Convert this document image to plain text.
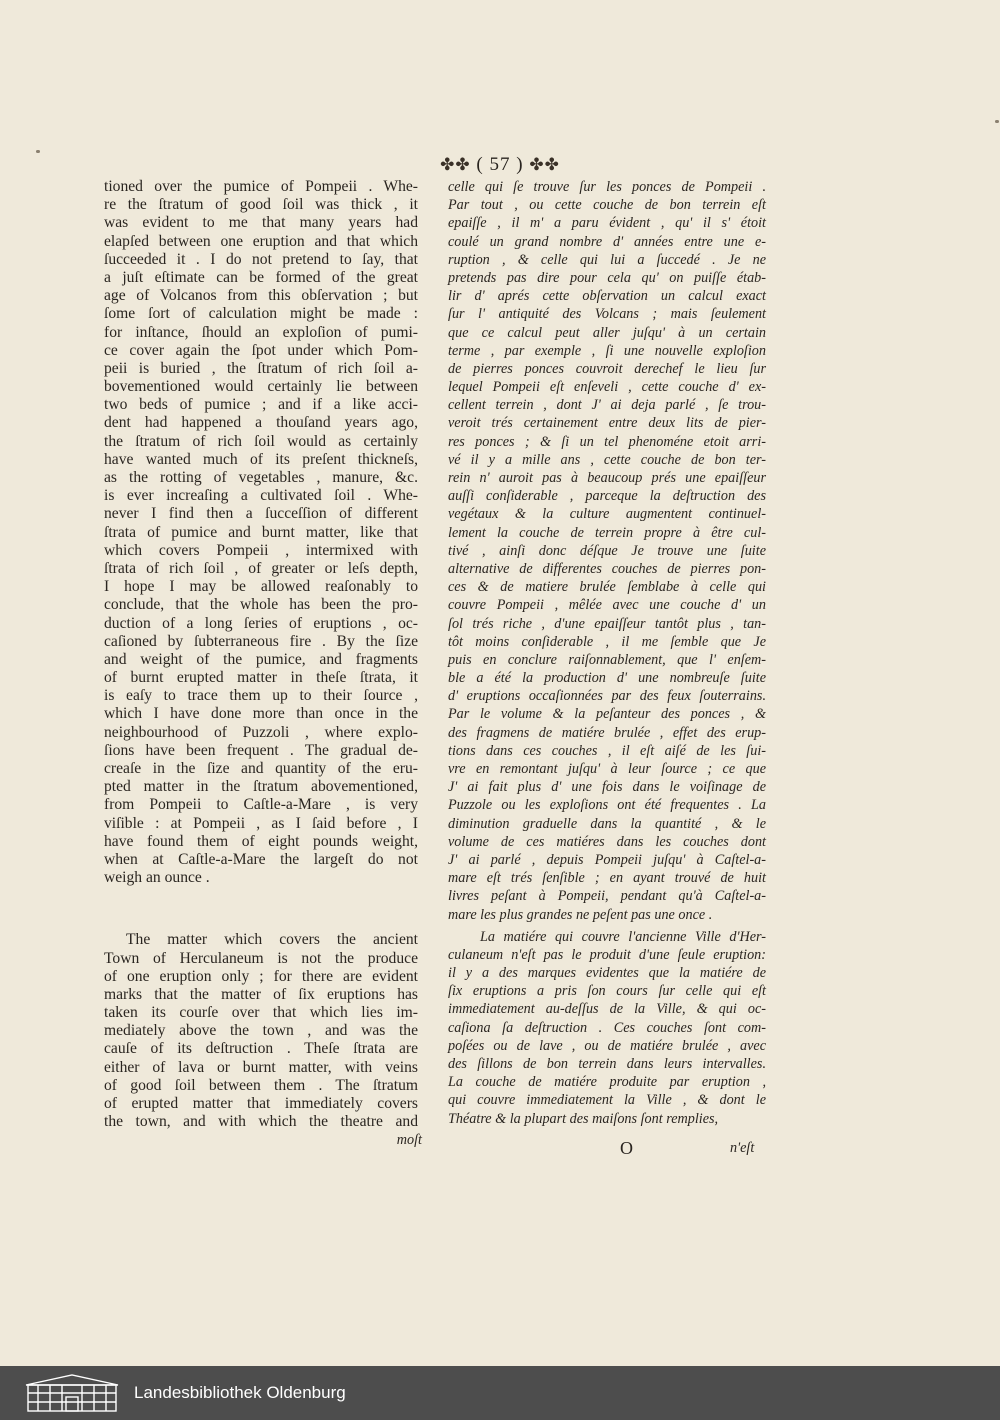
✤✤ ( 57 ) ✤✤
tioned over the pumice of Pompeii . Whe-
re the ſtratum of good ſoil was thick , it
was evident to me that many years had
elapſed between one eruption and that which
ſucceeded it . I do not pretend to ſay, that
a juſt eſtimate can be formed of the great
age of Volcanos from this obſervation ; but
ſome ſort of calculation might be made :
for inſtance, ſhould an exploſion of pumi-
ce cover again the ſpot under which Pom-
peii is buried , the ſtratum of rich ſoil a-
bovementioned would certainly lie between
two beds of pumice ; and if a like acci-
dent had happened a thouſand years ago,
the ſtratum of rich ſoil would as certainly
have wanted much of its preſent thickneſs,
as the rotting of vegetables , manure, &c.
is ever increaſing a cultivated ſoil . Whe-
never I find then a ſucceſſion of different
ſtrata of pumice and burnt matter, like that
which covers Pompeii , intermixed with
ſtrata of rich ſoil , of greater or leſs depth,
I hope I may be allowed reaſonably to
conclude, that the whole has been the pro-
duction of a long ſeries of eruptions , oc-
caſioned by ſubterraneous fire . By the ſize
and weight of the pumice, and fragments
of burnt erupted matter in theſe ſtrata, it
is eaſy to trace them up to their ſource ,
which I have done more than once in the
neighbourhood of Puzzoli , where explo-
ſions have been frequent . The gradual de-
creaſe in the ſize and quantity of the eru-
pted matter in the ſtratum abovementioned,
from Pompeii to Caſtle-a-Mare , is very
viſible : at Pompeii , as I ſaid before , I
have found them of eight pounds weight,
when at Caſtle-a-Mare the largeſt do not
weigh an ounce .
The matter which covers the ancient
Town of Herculaneum is not the produce
of one eruption only ; for there are evident
marks that the matter of ſix eruptions has
taken its courſe over that which lies im-
mediately above the town , and was the
cauſe of its deſtruction . Theſe ſtrata are
either of lava or burnt matter, with veins
of good ſoil between them . The ſtratum
of erupted matter that immediately covers
the town, and with which the theatre and
moſt
celle qui ſe trouve ſur les ponces de Pompeii .
Par tout , ou cette couche de bon terrein eſt
epaiſſe , il m' a paru évident , qu' il s' étoit
coulé un grand nombre d' années entre une e-
ruption , & celle qui lui a ſuccedé . Je ne
pretends pas dire pour cela qu' on puiſſe étab-
lir d' aprés cette obſervation un calcul exact
ſur l' antiquité des Volcans ; mais ſeulement
que ce calcul peut aller juſqu' à un certain
terme , par exemple , ſi une nouvelle exploſion
de pierres ponces couvroit derechef le lieu ſur
lequel Pompeii eſt enſeveli , cette couche d' ex-
cellent terrein , dont J' ai deja parlé , ſe trou-
veroit trés certainement entre deux lits de pier-
res ponces ; & ſi un tel phenoméne etoit arri-
vé il y a mille ans , cette couche de bon ter-
rein n' auroit pas à beaucoup prés une epaiſſeur
auſſi conſiderable , parceque la deſtruction des
vegétaux & la culture augmentent continuel-
lement la couche de terrein propre à être cul-
tivé , ainſi donc déſque Je trouve une ſuite
alternative de differentes couches de pierres pon-
ces & de matiere brulée ſemblabe à celle qui
couvre Pompeii , mêlée avec une couche d' un
ſol trés riche , d'une epaiſſeur tantôt plus , tan-
tôt moins conſiderable , il me ſemble que Je
puis en conclure raiſonnablement, que l' enſem-
ble a été la production d' une nombreuſe ſuite
d' eruptions occaſionnées par des feux ſouterrains.
Par le volume & la peſanteur des ponces , &
des fragmens de matiére brulée , effet des erup-
tions dans ces couches , il eſt aiſé de les ſui-
vre en remontant juſqu' à leur ſource ; ce que
J' ai fait plus d' une fois dans le voiſinage de
Puzzole ou les exploſions ont été frequentes . La
diminution graduelle dans la quantité , & le
volume de ces matiéres dans les couches dont
J' ai parlé , depuis Pompeii juſqu' à Caſtel-a-
mare eſt trés ſenſible ; en ayant trouvé de huit
livres peſant à Pompeii, pendant qu'à Caſtel-a-
mare les plus grandes ne peſent pas une once .
La matiére qui couvre l'ancienne Ville d'Her-
culaneum n'eſt pas le produit d'une ſeule eruption:
il y a des marques evidentes que la matiére de
ſix eruptions a pris ſon cours ſur celle qui eſt
immediatement au-deſſus de la Ville, & qui oc-
caſiona ſa deſtruction . Ces couches ſont com-
poſées ou de lave , ou de matiére brulée , avec
des ſillons de bon terrein dans leurs intervalles.
La couche de matiére produite par eruption ,
qui couvre immediatement la Ville , & dont le
Théatre & la plupart des maiſons ſont remplies,
O	n'eſt
Landesbibliothek Oldenburg
